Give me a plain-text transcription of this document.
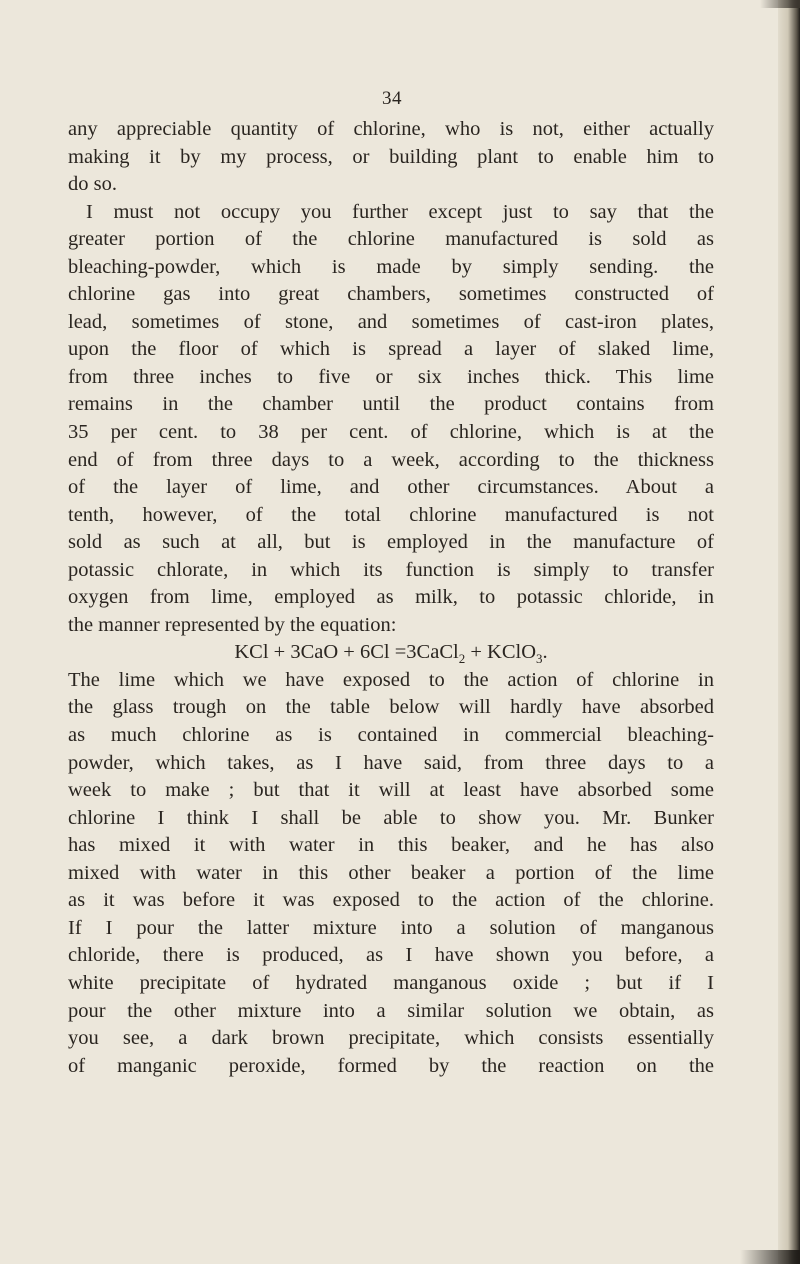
34
any appreciable quantity of chlorine, who is not, either actually
making it by my process, or building plant to enable him to
do so.
I must not occupy you further except just to say that the
greater portion of the chlorine manufactured is sold as
bleaching-powder, which is made by simply sending. the
chlorine gas into great chambers, sometimes constructed of
lead, sometimes of stone, and sometimes of cast-iron plates,
upon the floor of which is spread a layer of slaked lime,
from three inches to five or six inches thick. This lime
remains in the chamber until the product contains from
35 per cent. to 38 per cent. of chlorine, which is at the
end of from three days to a week, according to the thickness
of the layer of lime, and other circumstances. About a
tenth, however, of the total chlorine manufactured is not
sold as such at all, but is employed in the manufacture of
potassic chlorate, in which its function is simply to transfer
oxygen from lime, employed as milk, to potassic chloride, in
the manner represented by the equation:
KCl + 3CaO + 6Cl =3CaCl$_2$ + KClO$_3$.
The lime which we have exposed to the action of chlorine in
the glass trough on the table below will hardly have absorbed
as much chlorine as is contained in commercial bleaching-
powder, which takes, as I have said, from three days to a
week to make ; but that it will at least have absorbed some
chlorine I think I shall be able to show you. Mr. Bunker
has mixed it with water in this beaker, and he has also
mixed with water in this other beaker a portion of the lime
as it was before it was exposed to the action of the chlorine.
If I pour the latter mixture into a solution of manganous
chloride, there is produced, as I have shown you before, a
white precipitate of hydrated manganous oxide ; but if I
pour the other mixture into a similar solution we obtain, as
you see, a dark brown precipitate, which consists essentially
of manganic peroxide, formed by the reaction on the
